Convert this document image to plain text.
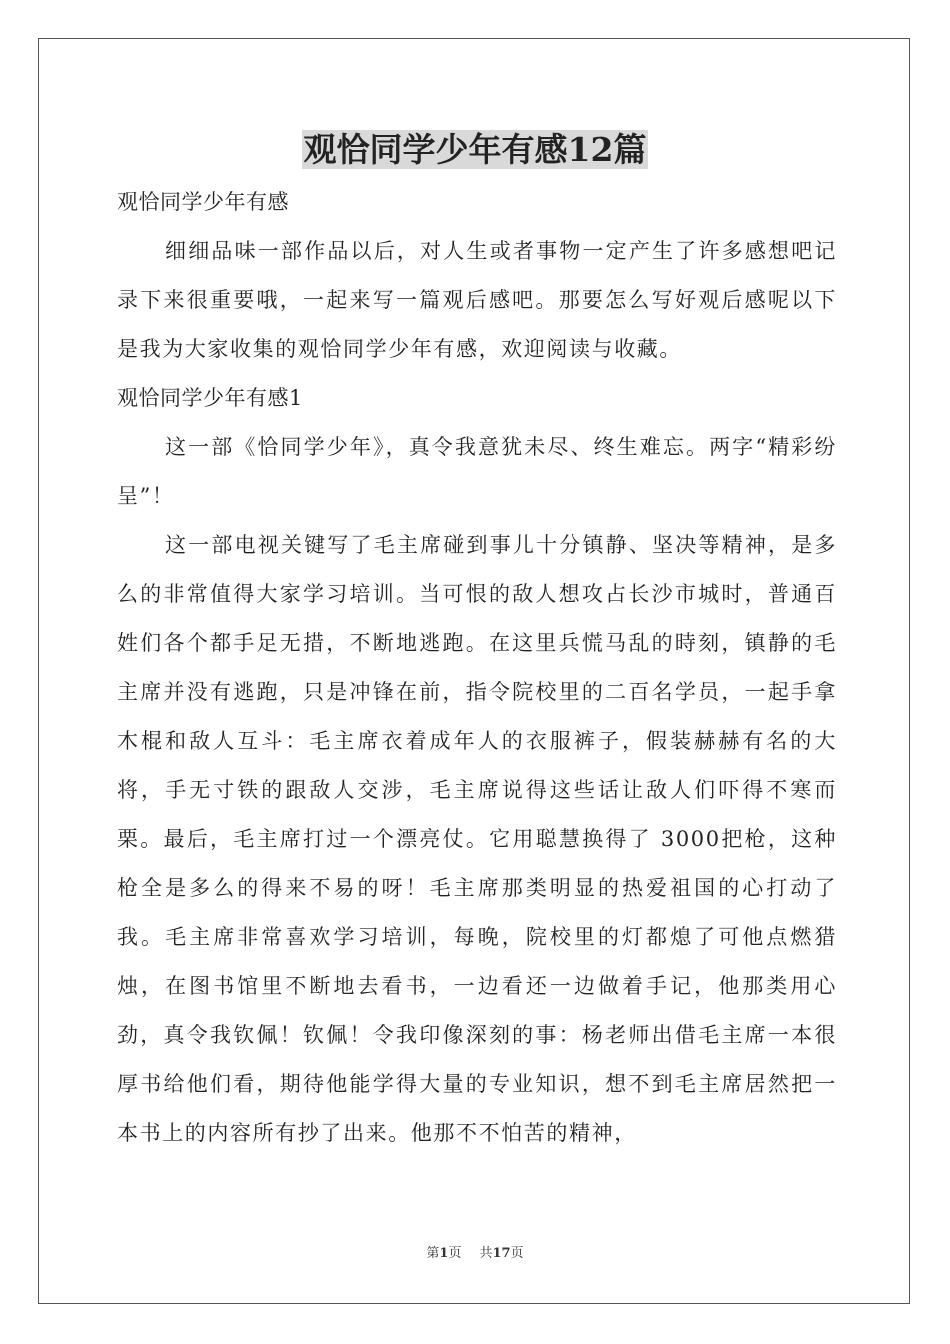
观恰同学少年有感12篇

观恰同学少年有感

细细品味一部作品以后，对人生或者事物一定产生了许多感想吧记录下来很重要哦，一起来写一篇观后感吧。那要怎么写好观后感呢以下是我为大家收集的观恰同学少年有感，欢迎阅读与收藏。

观恰同学少年有感1

这一部《恰同学少年》，真令我意犹未尽、终生难忘。两字“精彩纷呈”！

这一部电视关键写了毛主席碰到事儿十分镇静、坚决等精神，是多么的非常值得大家学习培训。当可恨的敌人想攻占长沙市城时，普通百姓们各个都手足无措，不断地逃跑。在这里兵慌马乱的時刻，镇静的毛主席并没有逃跑，只是冲锋在前，指令院校里的二百名学员，一起手拿木棍和敌人互斗：毛主席衣着成年人的衣服裤子，假装赫赫有名的大将，手无寸铁的跟敌人交涉，毛主席说得这些话让敌人们吓得不寒而栗。最后，毛主席打过一个漂亮仗。它用聪慧换得了 3000把枪，这种枪全是多么的得来不易的呀！毛主席那类明显的热爱祖国的心打动了我。毛主席非常喜欢学习培训，每晚，院校里的灯都熄了可他点燃猎烛，在图书馆里不断地去看书，一边看还一边做着手记，他那类用心劲，真令我钦佩！钦佩！令我印像深刻的事：杨老师出借毛主席一本很厚书给他们看，期待他能学得大量的专业知识，想不到毛主席居然把一本书上的内容所有抄了出来。他那不不怕苦的精神，

第1页 共17页
